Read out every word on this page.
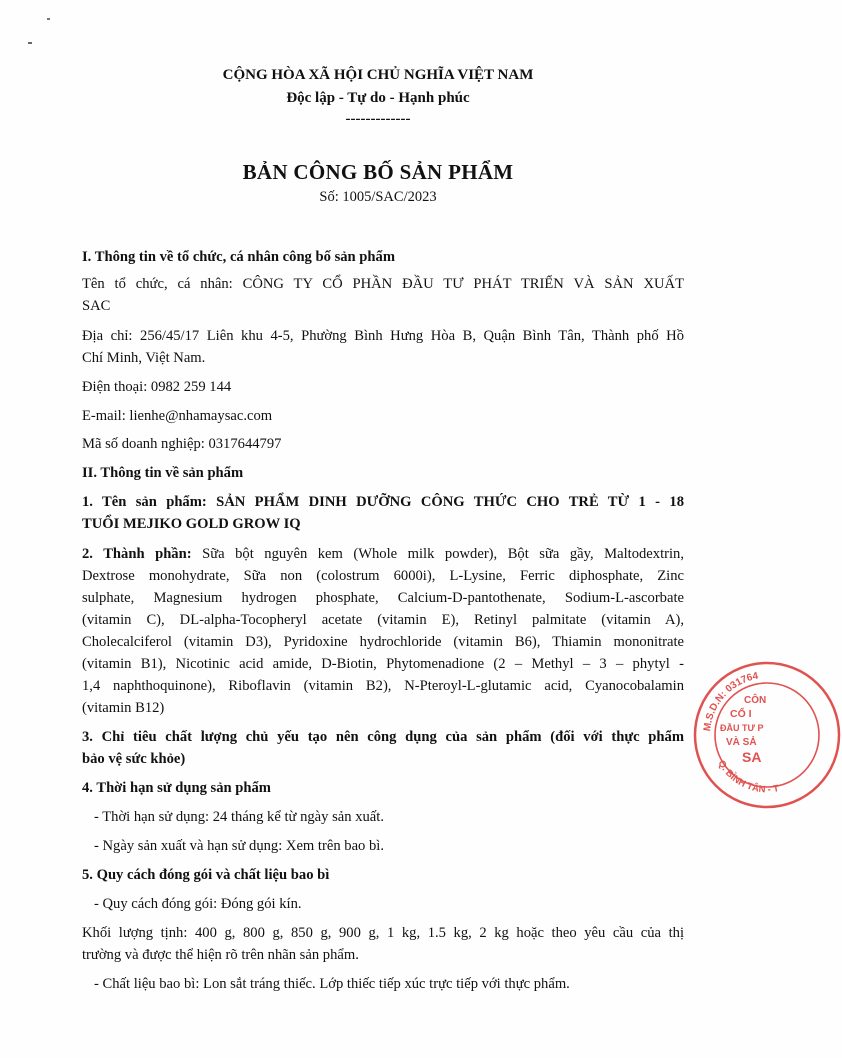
CỘNG HÒA XÃ HỘI CHỦ NGHĨA VIỆT NAM
Độc lập - Tự do - Hạnh phúc
-------------
BẢN CÔNG BỐ SẢN PHẨM
Số: 1005/SAC/2023
I. Thông tin về tổ chức, cá nhân công bố sản phẩm
Tên tổ chức, cá nhân: CÔNG TY CỔ PHẦN ĐẦU TƯ PHÁT TRIỂN VÀ SẢN XUẤT
SAC
Địa chỉ: 256/45/17 Liên khu 4-5, Phường Bình Hưng Hòa B, Quận Bình Tân, Thành phố Hồ
Chí Minh, Việt Nam.
Điện thoại: 0982 259 144
E-mail: lienhe@nhamaysac.com
Mã số doanh nghiệp: 0317644797
II. Thông tin về sản phẩm
1. Tên sản phẩm: SẢN PHẨM DINH DƯỠNG CÔNG THỨC CHO TRẺ TỪ 1 - 18
TUỔI MEJIKO GOLD GROW IQ
2. Thành phần: Sữa bột nguyên kem (Whole milk powder), Bột sữa gầy, Maltodextrin,
Dextrose monohydrate, Sữa non (colostrum 6000i), L-Lysine, Ferric diphosphate, Zinc
sulphate, Magnesium hydrogen phosphate, Calcium-D-pantothenate, Sodium-L-ascorbate
(vitamin C), DL-alpha-Tocopheryl acetate (vitamin E), Retinyl palmitate (vitamin A),
Cholecalciferol (vitamin D3), Pyridoxine hydrochloride (vitamin B6), Thiamin mononitrate
(vitamin B1), Nicotinic acid amide, D-Biotin, Phytomenadione (2 – Methyl – 3 – phytyl -
1,4 naphthoquinone), Riboflavin (vitamin B2), N-Pteroyl-L-glutamic acid, Cyanocobalamin
(vitamin B12)
3. Chỉ tiêu chất lượng chủ yếu tạo nên công dụng của sản phẩm (đối với thực phẩm
bảo vệ sức khỏe)
4. Thời hạn sử dụng sản phẩm
- Thời hạn sử dụng: 24 tháng kể từ ngày sản xuất.
- Ngày sản xuất và hạn sử dụng: Xem trên bao bì.
5. Quy cách đóng gói và chất liệu bao bì
- Quy cách đóng gói: Đóng gói kín.
Khối lượng tịnh: 400 g, 800 g, 850 g, 900 g, 1 kg, 1.5 kg, 2 kg hoặc theo yêu cầu của thị
trường và được thể hiện rõ trên nhãn sản phẩm.
- Chất liệu bao bì: Lon sắt tráng thiếc. Lớp thiếc tiếp xúc trực tiếp với thực phẩm.
M.S.D.N: 031764
Q. BÌNH TÂN - T
CÔN
CỔ I
ĐẦU TƯ P
VÀ SẢ
SA
